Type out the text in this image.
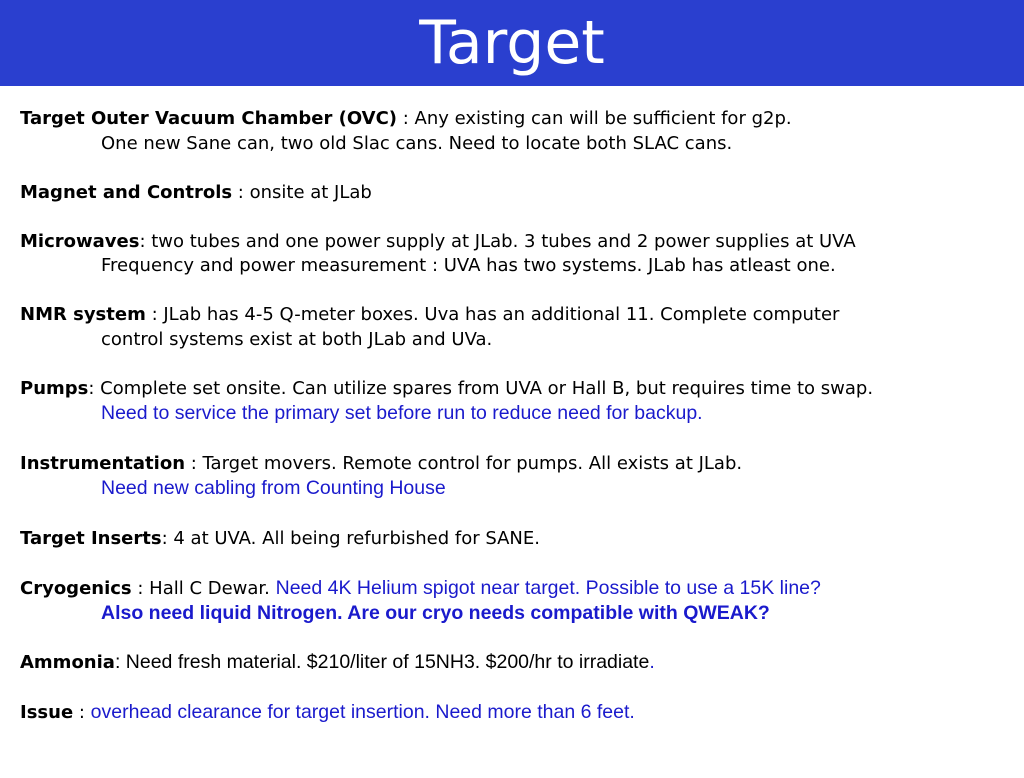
Target
Target Outer Vacuum Chamber (OVC) : Any existing can will be sufficient for g2p.
One new Sane can, two old Slac cans. Need to locate both SLAC cans.
Magnet and Controls : onsite at JLab
Microwaves: two tubes and one power supply at JLab. 3 tubes and 2 power supplies at UVA
Frequency and power measurement : UVA has two systems. JLab has atleast one.
NMR system : JLab has 4-5 Q-meter boxes. Uva has an additional 11. Complete computer
control systems exist at both JLab and UVa.
Pumps: Complete set onsite. Can utilize spares from UVA or Hall B, but requires time to swap.
Need to service the primary set before run to reduce need for backup.
Instrumentation : Target movers. Remote control for pumps. All exists at JLab.
Need new cabling from Counting House
Target Inserts: 4 at UVA. All being refurbished for SANE.
Cryogenics : Hall C Dewar. Need 4K Helium spigot near target. Possible to use a 15K line?
Also need liquid Nitrogen. Are our cryo needs compatible with QWEAK?
Ammonia: Need fresh material. $210/liter of 15NH3. $200/hr to irradiate.
Issue : overhead clearance for target insertion. Need more than 6 feet.
